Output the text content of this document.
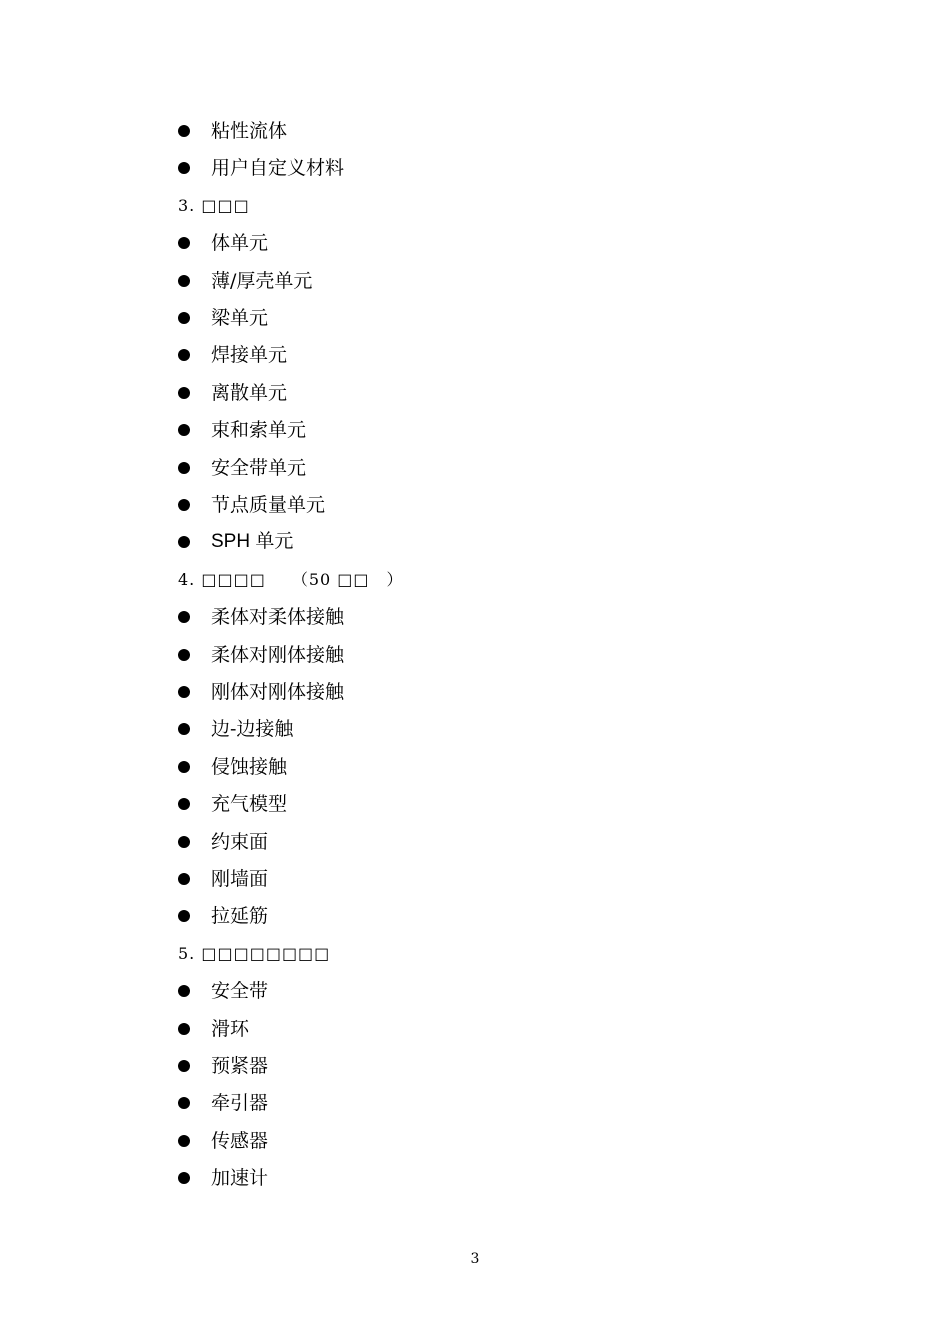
粘性流体
用户自定义材料
3. □□□
体单元
薄/厚壳单元
梁单元
焊接单元
离散单元
束和索单元
安全带单元
节点质量单元
SPH 单元
4. □□□□　　（50 □□　）
柔体对柔体接触
柔体对刚体接触
刚体对刚体接触
边-边接触
侵蚀接触
充气模型
约束面
刚墙面
拉延筋
5. □□□□□□□□
安全带
滑环
预紧器
牵引器
传感器
加速计
3
